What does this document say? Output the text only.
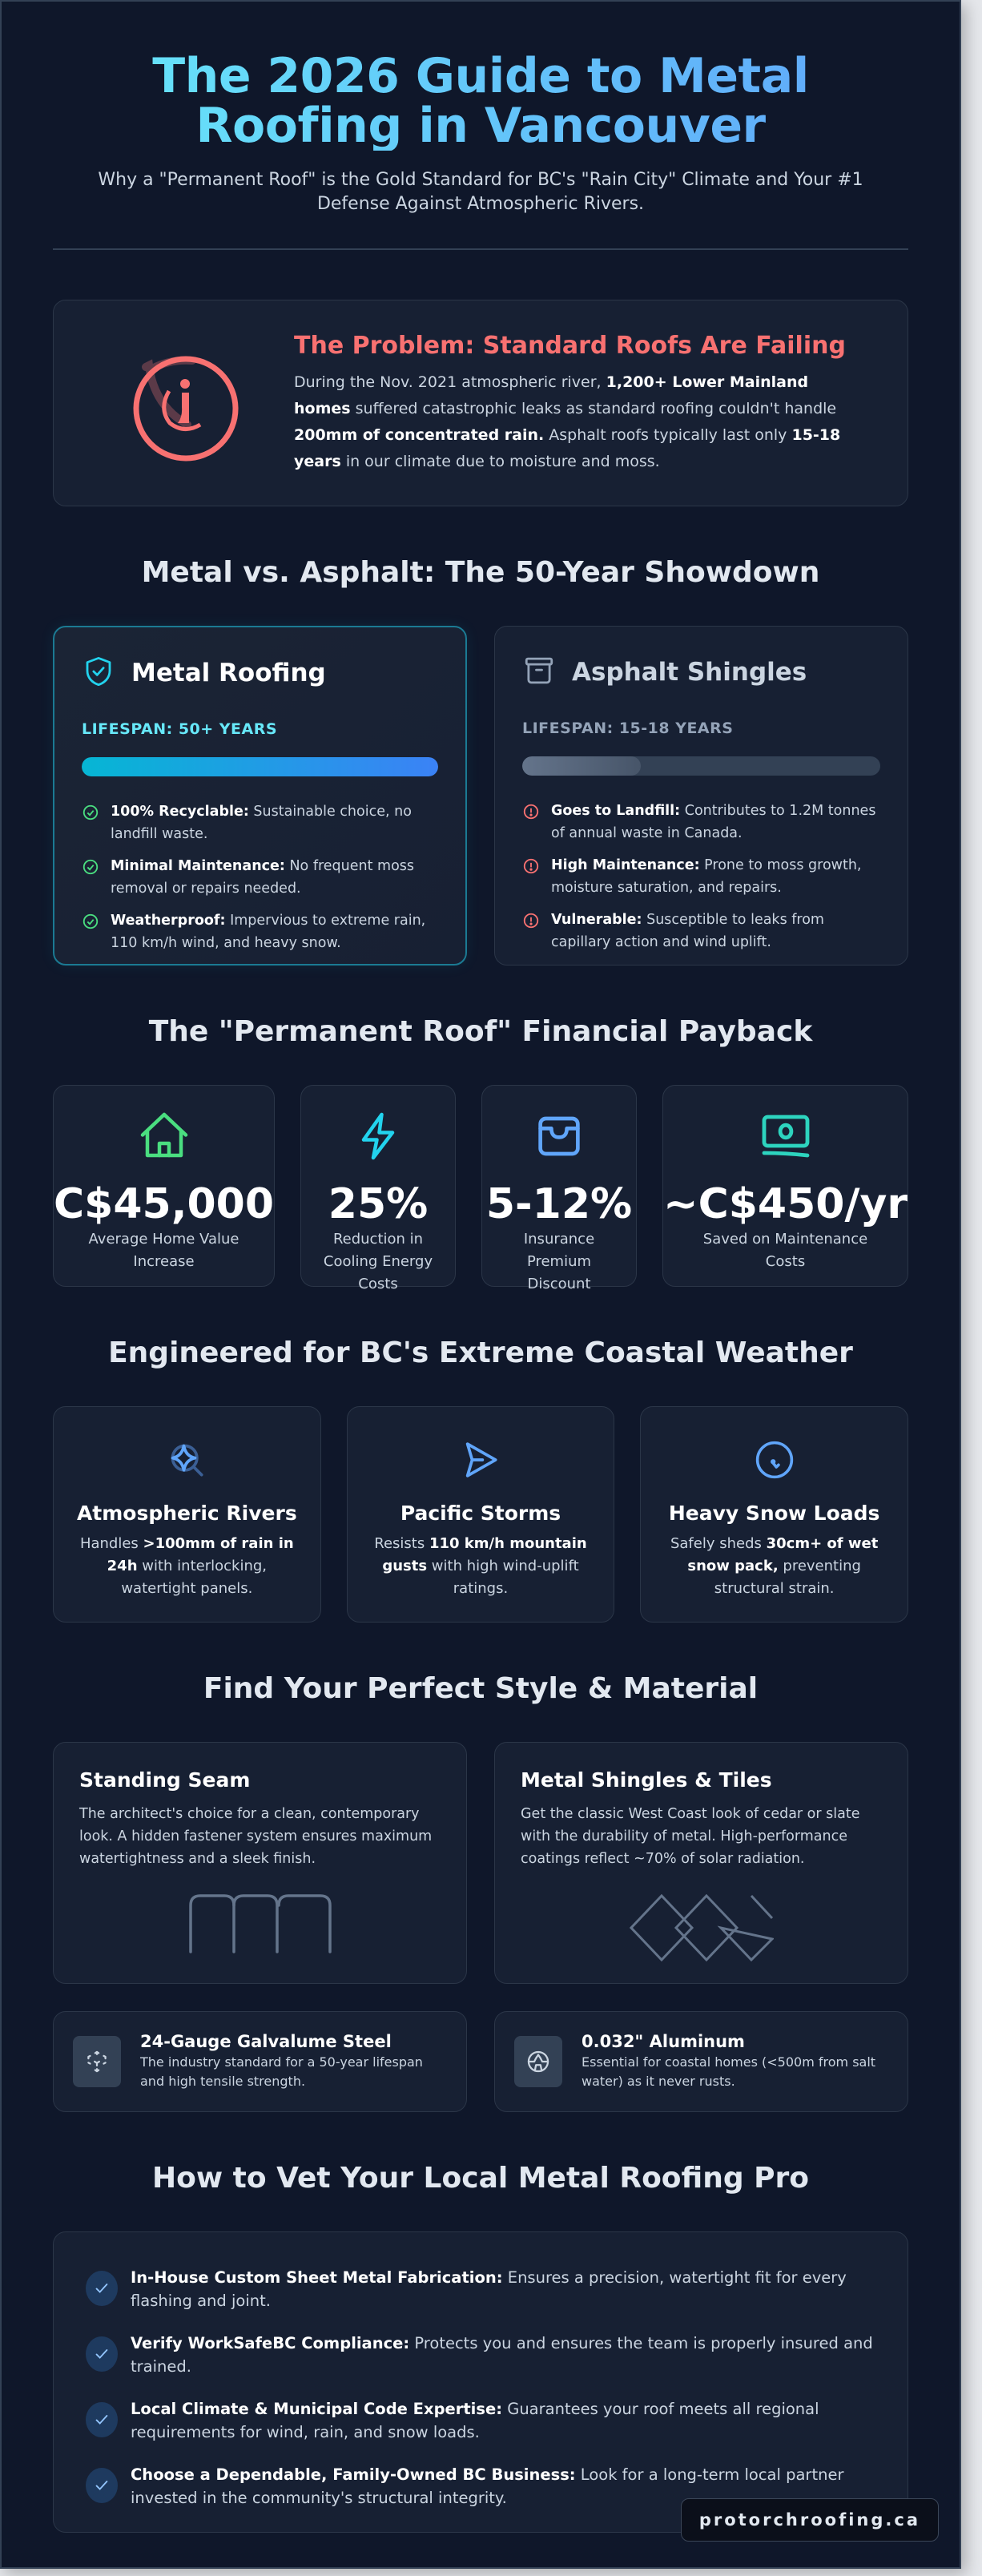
The 2026 Guide to Metal Roofing in Vancouver

Why a "Permanent Roof" is the Gold Standard for BC's "Rain City" Climate and Your #1 Defense Against Atmospheric Rivers.

The Problem: Standard Roofs Are Failing

During the Nov. 2021 atmospheric river, 1,200+ Lower Mainland homes suffered catastrophic leaks as standard roofing couldn't handle 200mm of concentrated rain. Asphalt roofs typically last only 15-18 years in our climate due to moisture and moss.

Metal vs. Asphalt: The 50-Year Showdown
Metal Roofing
LIFESPAN: 50+ YEARS
100% Recyclable: Sustainable choice, no landfill waste.
Minimal Maintenance: No frequent moss removal or repairs needed.
Weatherproof: Impervious to extreme rain, 110 km/h wind, and heavy snow.
Asphalt Shingles
LIFESPAN: 15-18 YEARS
Goes to Landfill: Contributes to 1.2M tonnes of annual waste in Canada.
High Maintenance: Prone to moss growth, moisture saturation, and repairs.
Vulnerable: Susceptible to leaks from capillary action and wind uplift.
The "Permanent Roof" Financial Payback
C$45,000
Average Home Value Increase
25%
Reduction in Cooling Energy Costs
5-12%
Insurance Premium Discount
~C$450/yr
Saved on Maintenance Costs
Engineered for BC's Extreme Coastal Weather
Atmospheric Rivers

Handles >100mm of rain in 24h with interlocking, watertight panels.

Pacific Storms

Resists 110 km/h mountain gusts with high wind-uplift ratings.

Heavy Snow Loads

Safely sheds 30cm+ of wet snow pack, preventing structural strain.

Find Your Perfect Style & Material
Standing Seam

The architect's choice for a clean, contemporary look. A hidden fastener system ensures maximum watertightness and a sleek finish.

Metal Shingles & Tiles

Get the classic West Coast look of cedar or slate with the durability of metal. High-performance coatings reflect ~70% of solar radiation.

24-Gauge Galvalume Steel

The industry standard for a 50-year lifespan and high tensile strength.

0.032" Aluminum

Essential for coastal homes (<500m from salt water) as it never rusts.

How to Vet Your Local Metal Roofing Pro

In-House Custom Sheet Metal Fabrication: Ensures a precision, watertight fit for every flashing and joint.

Verify WorkSafeBC Compliance: Protects you and ensures the team is properly insured and trained.

Local Climate & Municipal Code Expertise: Guarantees your roof meets all regional requirements for wind, rain, and snow loads.

Choose a Dependable, Family-Owned BC Business: Look for a long-term local partner invested in the community's structural integrity.

protorchroofing.ca
